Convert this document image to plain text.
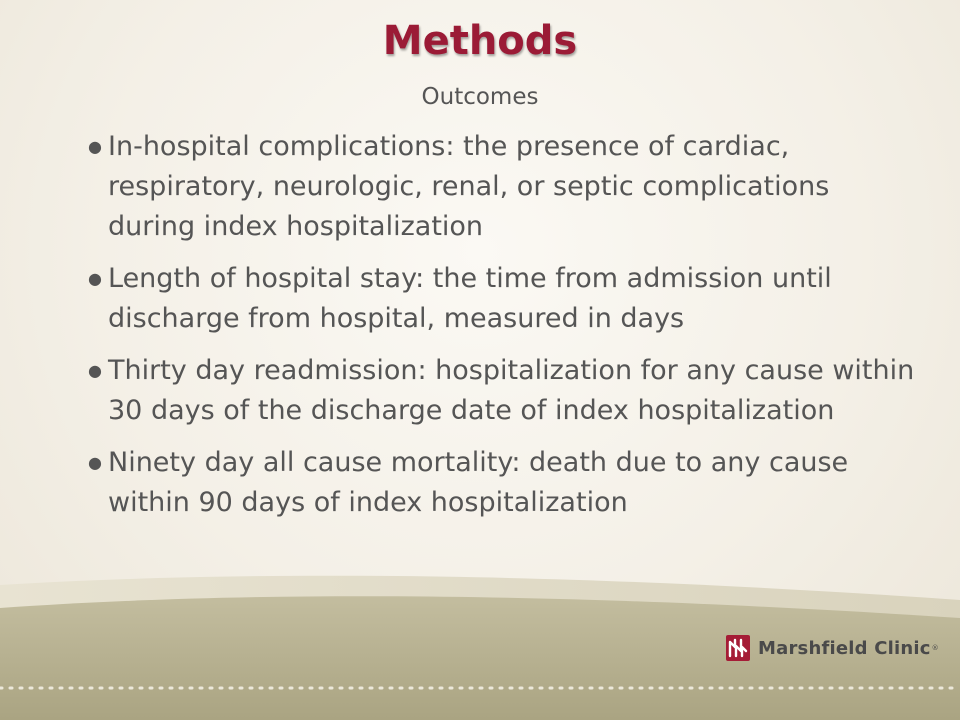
Methods
Outcomes
● In-hospital complications: the presence of cardiac, respiratory, neurologic, renal, or septic complications during index hospitalization
● Length of hospital stay: the time from admission until discharge from hospital, measured in days
● Thirty day readmission: hospitalization for any cause within 30 days of the discharge date of index hospitalization
● Ninety day all cause mortality: death due to any cause within 90 days of index hospitalization
Marshfield Clinic ®
